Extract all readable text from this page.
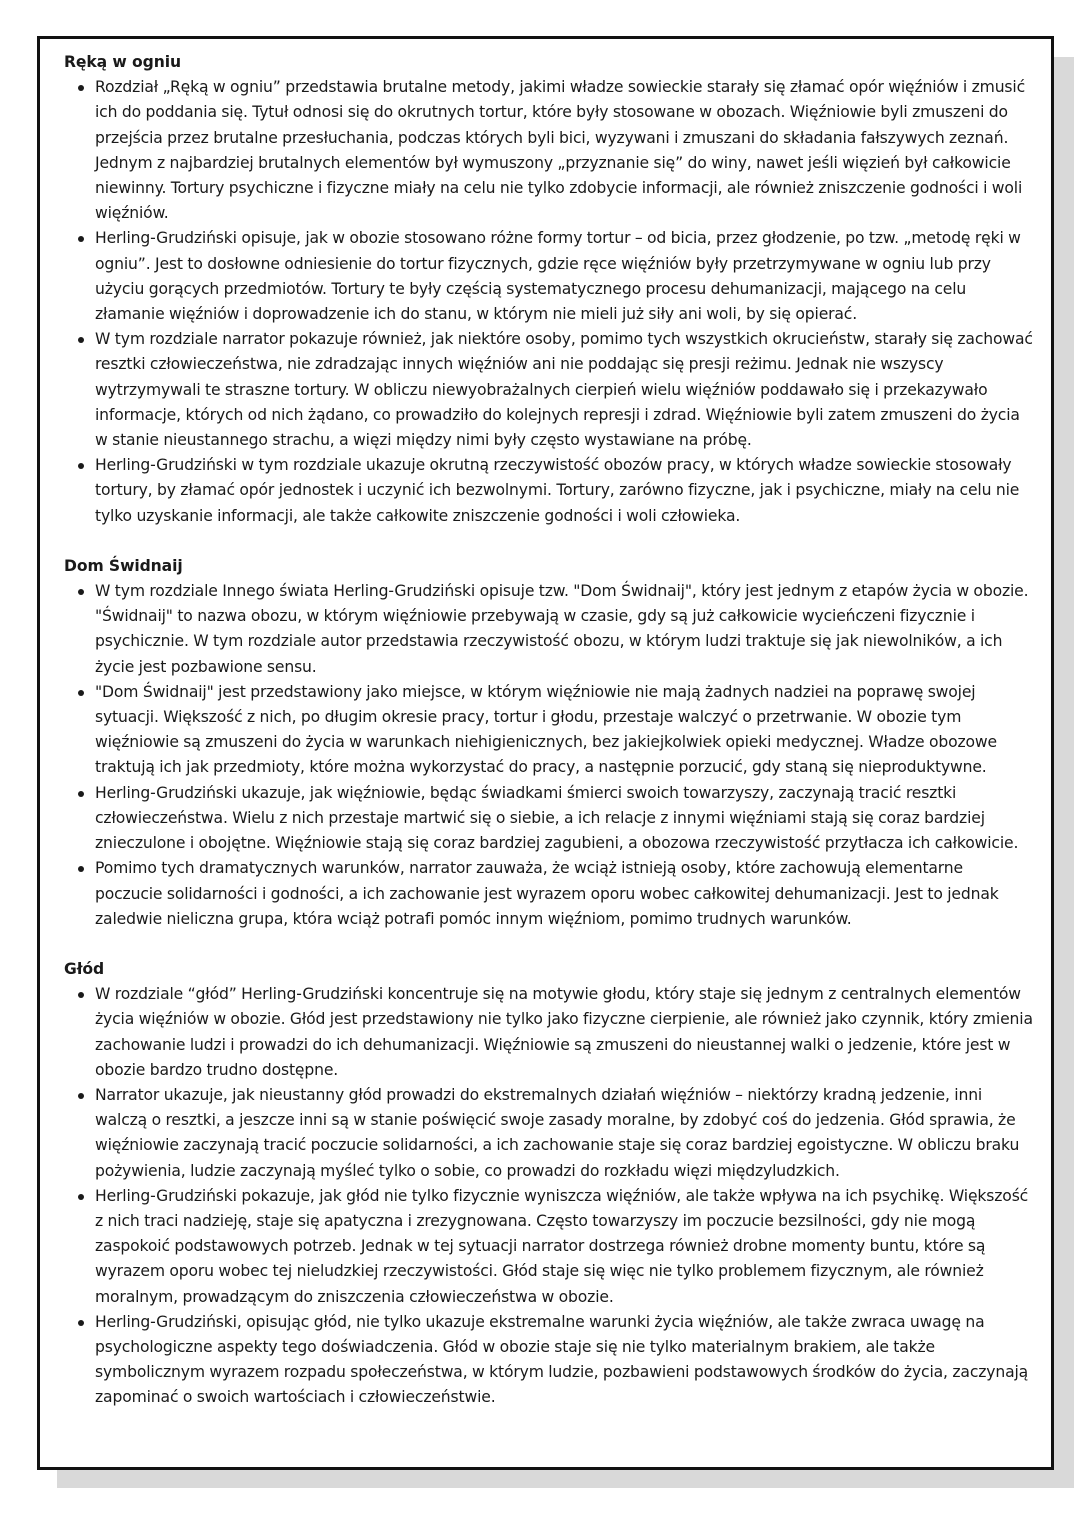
Ręką w ogniu
Rozdział „Ręką w ogniu” przedstawia brutalne metody, jakimi władze sowieckie starały się złamać opór więźniów i zmusić ich do poddania się. Tytuł odnosi się do okrutnych tortur, które były stosowane w obozach. Więźniowie byli zmuszeni do przejścia przez brutalne przesłuchania, podczas których byli bici, wyzywani i zmuszani do składania fałszywych zeznań. Jednym z najbardziej brutalnych elementów był wymuszony „przyznanie się” do winy, nawet jeśli więzień był całkowicie niewinny. Tortury psychiczne i fizyczne miały na celu nie tylko zdobycie informacji, ale również zniszczenie godności i woli więźniów.
Herling-Grudziński opisuje, jak w obozie stosowano różne formy tortur – od bicia, przez głodzenie, po tzw. „metodę ręki w ogniu”. Jest to dosłowne odniesienie do tortur fizycznych, gdzie ręce więźniów były przetrzymywane w ogniu lub przy użyciu gorących przedmiotów. Tortury te były częścią systematycznego procesu dehumanizacji, mającego na celu złamanie więźniów i doprowadzenie ich do stanu, w którym nie mieli już siły ani woli, by się opierać.
W tym rozdziale narrator pokazuje również, jak niektóre osoby, pomimo tych wszystkich okrucieństw, starały się zachować resztki człowieczeństwa, nie zdradzając innych więźniów ani nie poddając się presji reżimu. Jednak nie wszyscy wytrzymywali te straszne tortury. W obliczu niewyobrażalnych cierpień wielu więźniów poddawało się i przekazywało informacje, których od nich żądano, co prowadziło do kolejnych represji i zdrad. Więźniowie byli zatem zmuszeni do życia w stanie nieustannego strachu, a więzi między nimi były często wystawiane na próbę.
Herling-Grudziński w tym rozdziale ukazuje okrutną rzeczywistość obozów pracy, w których władze sowieckie stosowały tortury, by złamać opór jednostek i uczynić ich bezwolnymi. Tortury, zarówno fizyczne, jak i psychiczne, miały na celu nie tylko uzyskanie informacji, ale także całkowite zniszczenie godności i woli człowieka.
Dom Świdnaij
W tym rozdziale Innego świata Herling-Grudziński opisuje tzw. "Dom Świdnaij", który jest jednym z etapów życia w obozie. "Świdnaij" to nazwa obozu, w którym więźniowie przebywają w czasie, gdy są już całkowicie wycieńczeni fizycznie i psychicznie. W tym rozdziale autor przedstawia rzeczywistość obozu, w którym ludzi traktuje się jak niewolników, a ich życie jest pozbawione sensu.
"Dom Świdnaij" jest przedstawiony jako miejsce, w którym więźniowie nie mają żadnych nadziei na poprawę swojej sytuacji. Większość z nich, po długim okresie pracy, tortur i głodu, przestaje walczyć o przetrwanie. W obozie tym więźniowie są zmuszeni do życia w warunkach niehigienicznych, bez jakiejkolwiek opieki medycznej. Władze obozowe traktują ich jak przedmioty, które można wykorzystać do pracy, a następnie porzucić, gdy staną się nieproduktywne.
Herling-Grudziński ukazuje, jak więźniowie, będąc świadkami śmierci swoich towarzyszy, zaczynają tracić resztki człowieczeństwa. Wielu z nich przestaje martwić się o siebie, a ich relacje z innymi więźniami stają się coraz bardziej znieczulone i obojętne. Więźniowie stają się coraz bardziej zagubieni, a obozowa rzeczywistość przytłacza ich całkowicie.
Pomimo tych dramatycznych warunków, narrator zauważa, że wciąż istnieją osoby, które zachowują elementarne poczucie solidarności i godności, a ich zachowanie jest wyrazem oporu wobec całkowitej dehumanizacji. Jest to jednak zaledwie nieliczna grupa, która wciąż potrafi pomóc innym więźniom, pomimo trudnych warunków.
Głód
W rozdziale “głód” Herling-Grudziński koncentruje się na motywie głodu, który staje się jednym z centralnych elementów życia więźniów w obozie. Głód jest przedstawiony nie tylko jako fizyczne cierpienie, ale również jako czynnik, który zmienia zachowanie ludzi i prowadzi do ich dehumanizacji. Więźniowie są zmuszeni do nieustannej walki o jedzenie, które jest w obozie bardzo trudno dostępne.
Narrator ukazuje, jak nieustanny głód prowadzi do ekstremalnych działań więźniów – niektórzy kradną jedzenie, inni walczą o resztki, a jeszcze inni są w stanie poświęcić swoje zasady moralne, by zdobyć coś do jedzenia. Głód sprawia, że więźniowie zaczynają tracić poczucie solidarności, a ich zachowanie staje się coraz bardziej egoistyczne. W obliczu braku pożywienia, ludzie zaczynają myśleć tylko o sobie, co prowadzi do rozkładu więzi międzyludzkich.
Herling-Grudziński pokazuje, jak głód nie tylko fizycznie wyniszcza więźniów, ale także wpływa na ich psychikę. Większość z nich traci nadzieję, staje się apatyczna i zrezygnowana. Często towarzyszy im poczucie bezsilności, gdy nie mogą zaspokoić podstawowych potrzeb. Jednak w tej sytuacji narrator dostrzega również drobne momenty buntu, które są wyrazem oporu wobec tej nieludzkiej rzeczywistości. Głód staje się więc nie tylko problemem fizycznym, ale również moralnym, prowadzącym do zniszczenia człowieczeństwa w obozie.
Herling-Grudziński, opisując głód, nie tylko ukazuje ekstremalne warunki życia więźniów, ale także zwraca uwagę na psychologiczne aspekty tego doświadczenia. Głód w obozie staje się nie tylko materialnym brakiem, ale także symbolicznym wyrazem rozpadu społeczeństwa, w którym ludzie, pozbawieni podstawowych środków do życia, zaczynają zapominać o swoich wartościach i człowieczeństwie.
